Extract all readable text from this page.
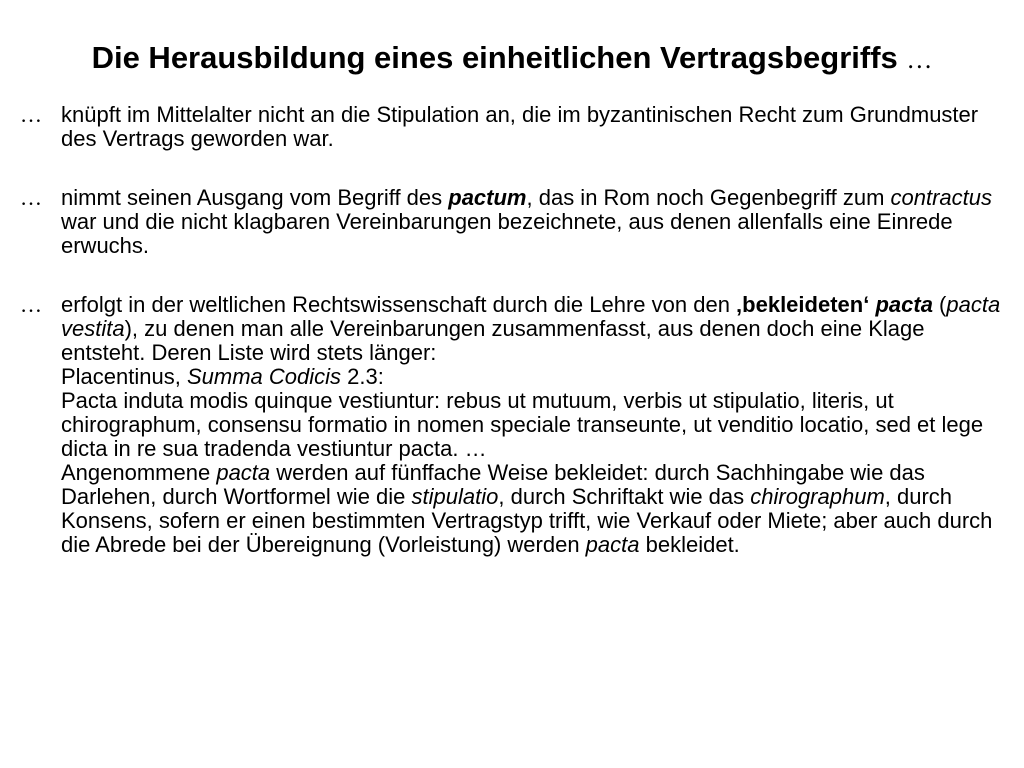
Die Herausbildung eines einheitlichen Vertragsbegriffs …

… knüpft im Mittelalter nicht an die Stipulation an, die im byzantinischen Recht zum Grundmuster des Vertrags geworden war.

… nimmt seinen Ausgang vom Begriff des pactum, das in Rom noch Gegenbegriff zum contractus war und die nicht klagbaren Vereinbarungen bezeichnete, aus denen allenfalls eine Einrede erwuchs.

… erfolgt in der weltlichen Rechtswissenschaft durch die Lehre von den ‚bekleideten‘ pacta (pacta vestita), zu denen man alle Vereinbarungen zusammenfasst, aus denen doch eine Klage entsteht. Deren Liste wird stets länger:

Placentinus, Summa Codicis 2.3:

Pacta induta modis quinque vestiuntur: rebus ut mutuum, verbis ut stipulatio, literis, ut chirographum, consensu formatio in nomen speciale transeunte, ut venditio locatio, sed et lege dicta in re sua tradenda vestiuntur pacta. …

Angenommene pacta werden auf fünffache Weise bekleidet: durch Sachhingabe wie das Darlehen, durch Wortformel wie die stipulatio, durch Schriftakt wie das chirographum, durch Konsens, sofern er einen bestimmten Vertragstyp trifft, wie Verkauf oder Miete; aber auch durch die Abrede bei der Übereignung (Vorleistung) werden pacta bekleidet.
